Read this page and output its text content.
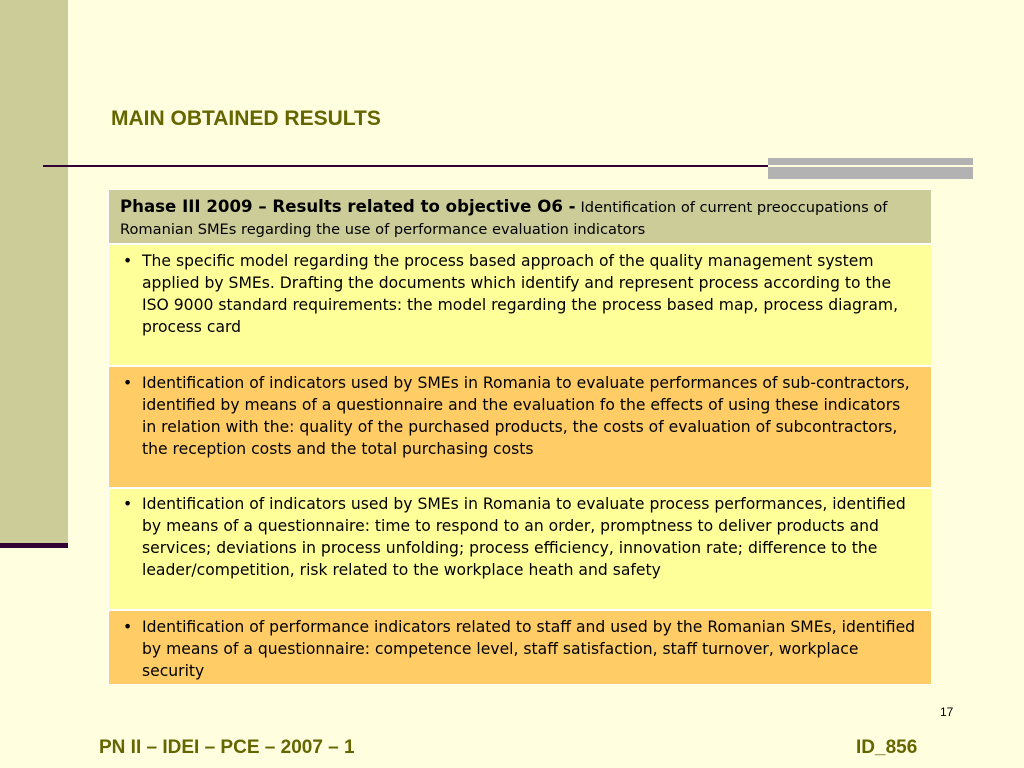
MAIN OBTAINED RESULTS
Phase III 2009 – Results related to objective O6 - Identification of current preoccupations of Romanian SMEs regarding the use of performance evaluation indicators
• The specific model regarding the process based approach of the quality management system applied by SMEs. Drafting the documents which identify and represent process according to the ISO 9000 standard requirements: the model regarding the process based map, process diagram, process card
• Identification of indicators used by SMEs in Romania to evaluate performances of sub-contractors, identified by means of a questionnaire and the evaluation fo the effects of using these indicators in relation with the: quality of the purchased products, the costs of evaluation of subcontractors, the reception costs and the total purchasing costs
• Identification of indicators used by SMEs in Romania to evaluate process performances, identified by means of a questionnaire: time to respond to an order, promptness to deliver products and services; deviations in process unfolding; process efficiency, innovation rate; difference to the leader/competition, risk related to the workplace heath and safety
• Identification of performance indicators related to staff and used by the Romanian SMEs, identified by means of a questionnaire: competence level, staff satisfaction, staff turnover, workplace security
17
PN II – IDEI – PCE – 2007 – 1	ID_856
